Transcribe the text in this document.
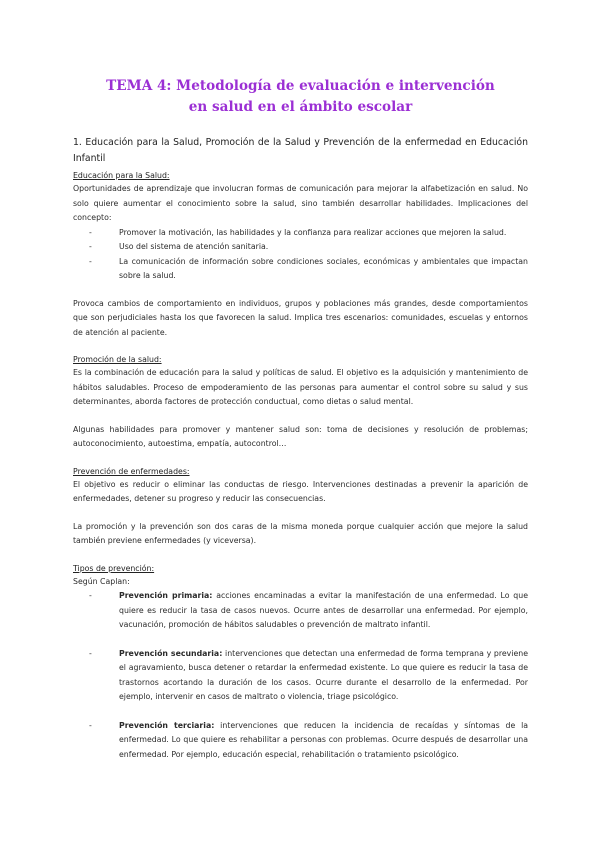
TEMA 4: Metodología de evaluación e intervención
en salud en el ámbito escolar
1. Educación para la Salud, Promoción de la Salud y Prevención de la enfermedad en Educación Infantil
Educación para la Salud:

Oportunidades de aprendizaje que involucran formas de comunicación para mejorar la alfabetización en salud. No solo quiere aumentar el conocimiento sobre la salud, sino también desarrollar habilidades. Implicaciones del concepto:

- Promover la motivación, las habilidades y la confianza para realizar acciones que mejoren la salud.
- Uso del sistema de atención sanitaria.
- La comunicación de información sobre condiciones sociales, económicas y ambientales que impactan sobre la salud.

Provoca cambios de comportamiento en individuos, grupos y poblaciones más grandes, desde comportamientos que son perjudiciales hasta los que favorecen la salud. Implica tres escenarios: comunidades, escuelas y entornos de atención al paciente.

Promoción de la salud:

Es la combinación de educación para la salud y políticas de salud. El objetivo es la adquisición y mantenimiento de hábitos saludables. Proceso de empoderamiento de las personas para aumentar el control sobre su salud y sus determinantes, aborda factores de protección conductual, como dietas o salud mental.

Algunas habilidades para promover y mantener salud son: toma de decisiones y resolución de problemas; autoconocimiento, autoestima, empatía, autocontrol…

Prevención de enfermedades:

El objetivo es reducir o eliminar las conductas de riesgo. Intervenciones destinadas a prevenir la aparición de enfermedades, detener su progreso y reducir las consecuencias.

La promoción y la prevención son dos caras de la misma moneda porque cualquier acción que mejore la salud también previene enfermedades (y viceversa).

Tipos de prevención:

Según Caplan:

- Prevención primaria: acciones encaminadas a evitar la manifestación de una enfermedad. Lo que quiere es reducir la tasa de casos nuevos. Ocurre antes de desarrollar una enfermedad. Por ejemplo, vacunación, promoción de hábitos saludables o prevención de maltrato infantil.
- Prevención secundaria: intervenciones que detectan una enfermedad de forma temprana y previene el agravamiento, busca detener o retardar la enfermedad existente. Lo que quiere es reducir la tasa de trastornos acortando la duración de los casos. Ocurre durante el desarrollo de la enfermedad. Por ejemplo, intervenir en casos de maltrato o violencia, triage psicológico.
- Prevención terciaria: intervenciones que reducen la incidencia de recaídas y síntomas de la enfermedad. Lo que quiere es rehabilitar a personas con problemas. Ocurre después de desarrollar una enfermedad. Por ejemplo, educación especial, rehabilitación o tratamiento psicológico.
